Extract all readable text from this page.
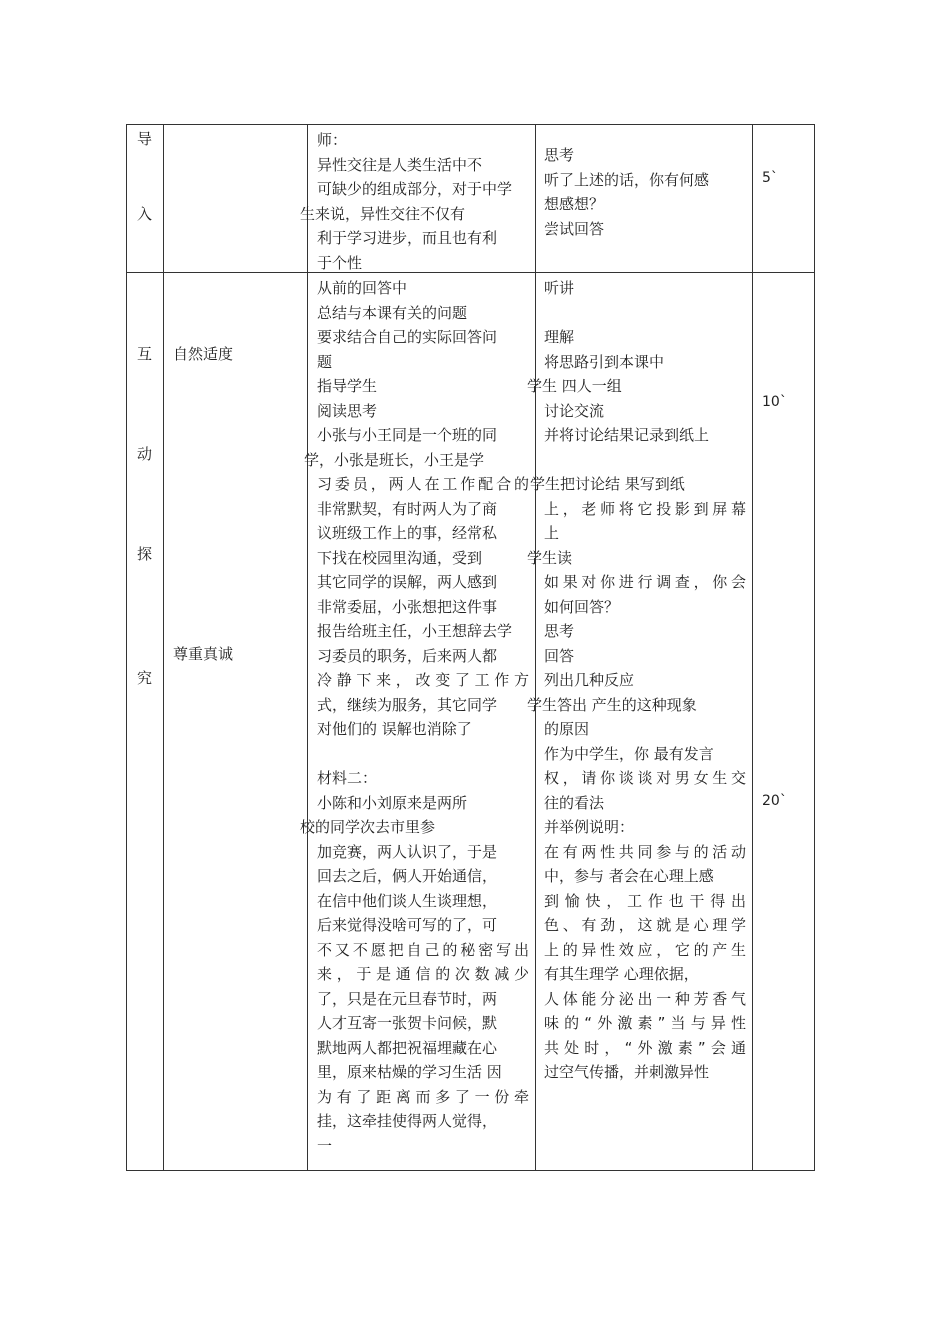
导
入
师：
异性交往是人类生活中不
可缺少的组成部分，对于中学
生来说，异性交往不仅有
利于学习进步，而且也有利
于个性
思考
听了上述的话，你有何感
想感想？
尝试回答
5`
互
动
探
究
自然适度
尊重真诚
从前的回答中
总结与本课有关的问题
要求结合自己的实际回答问
题
指导学生
阅读思考
小张与小王同是一个班的同
学，小张是班长，小王是学
习委员，两人在工作配合的
非常默契，有时两人为了商
议班级工作上的事，经常私
下找在校园里沟通，受到
其它同学的误解，两人感到
非常委屈，小张想把这件事
报告给班主任，小王想辞去学
习委员的职务，后来两人都
冷静下来，改变了工作方
式，继续为服务，其它同学
对他们的 误解也消除了
材料二：
小陈和小刘原来是两所
校的同学次去市里参
加竞赛，两人认识了，于是
回去之后，俩人开始通信，
在信中他们谈人生谈理想，
后来觉得没啥可写的了，可
不又不愿把自己的秘密写出
来，于是通信的次数减少
了，只是在元旦春节时，两
人才互寄一张贺卡问候，默
默地两人都把祝福埋藏在心
里，原来枯燥的学习生活 因
为有了距离而多了一份牵
挂，这牵挂使得两人觉得，
一
听讲
理解
将思路引到本课中
学生 四人一组
讨论交流
并将讨论结果记录到纸上
学生把讨论结 果写到纸
上，老师将它投影到屏幕
上
学生读
如果对你进行调查，你会
如何回答？
思考
回答
列出几种反应
学生答出 产生的这种现象
的原因
作为中学生，你 最有发言
权，请你谈谈对男女生交
往的看法
并举例说明：
在有两性共同参与的活动
中，参与 者会在心理上感
到愉快，工作也干得出
色、有劲，这就是心理学
上的异性效应，它的产生
有其生理学 心理依据，
人体能分泌出一种芳香气
味的“外激素”当与异性
共处时，“外激素”会通
过空气传播，并刺激异性
10`
20`
